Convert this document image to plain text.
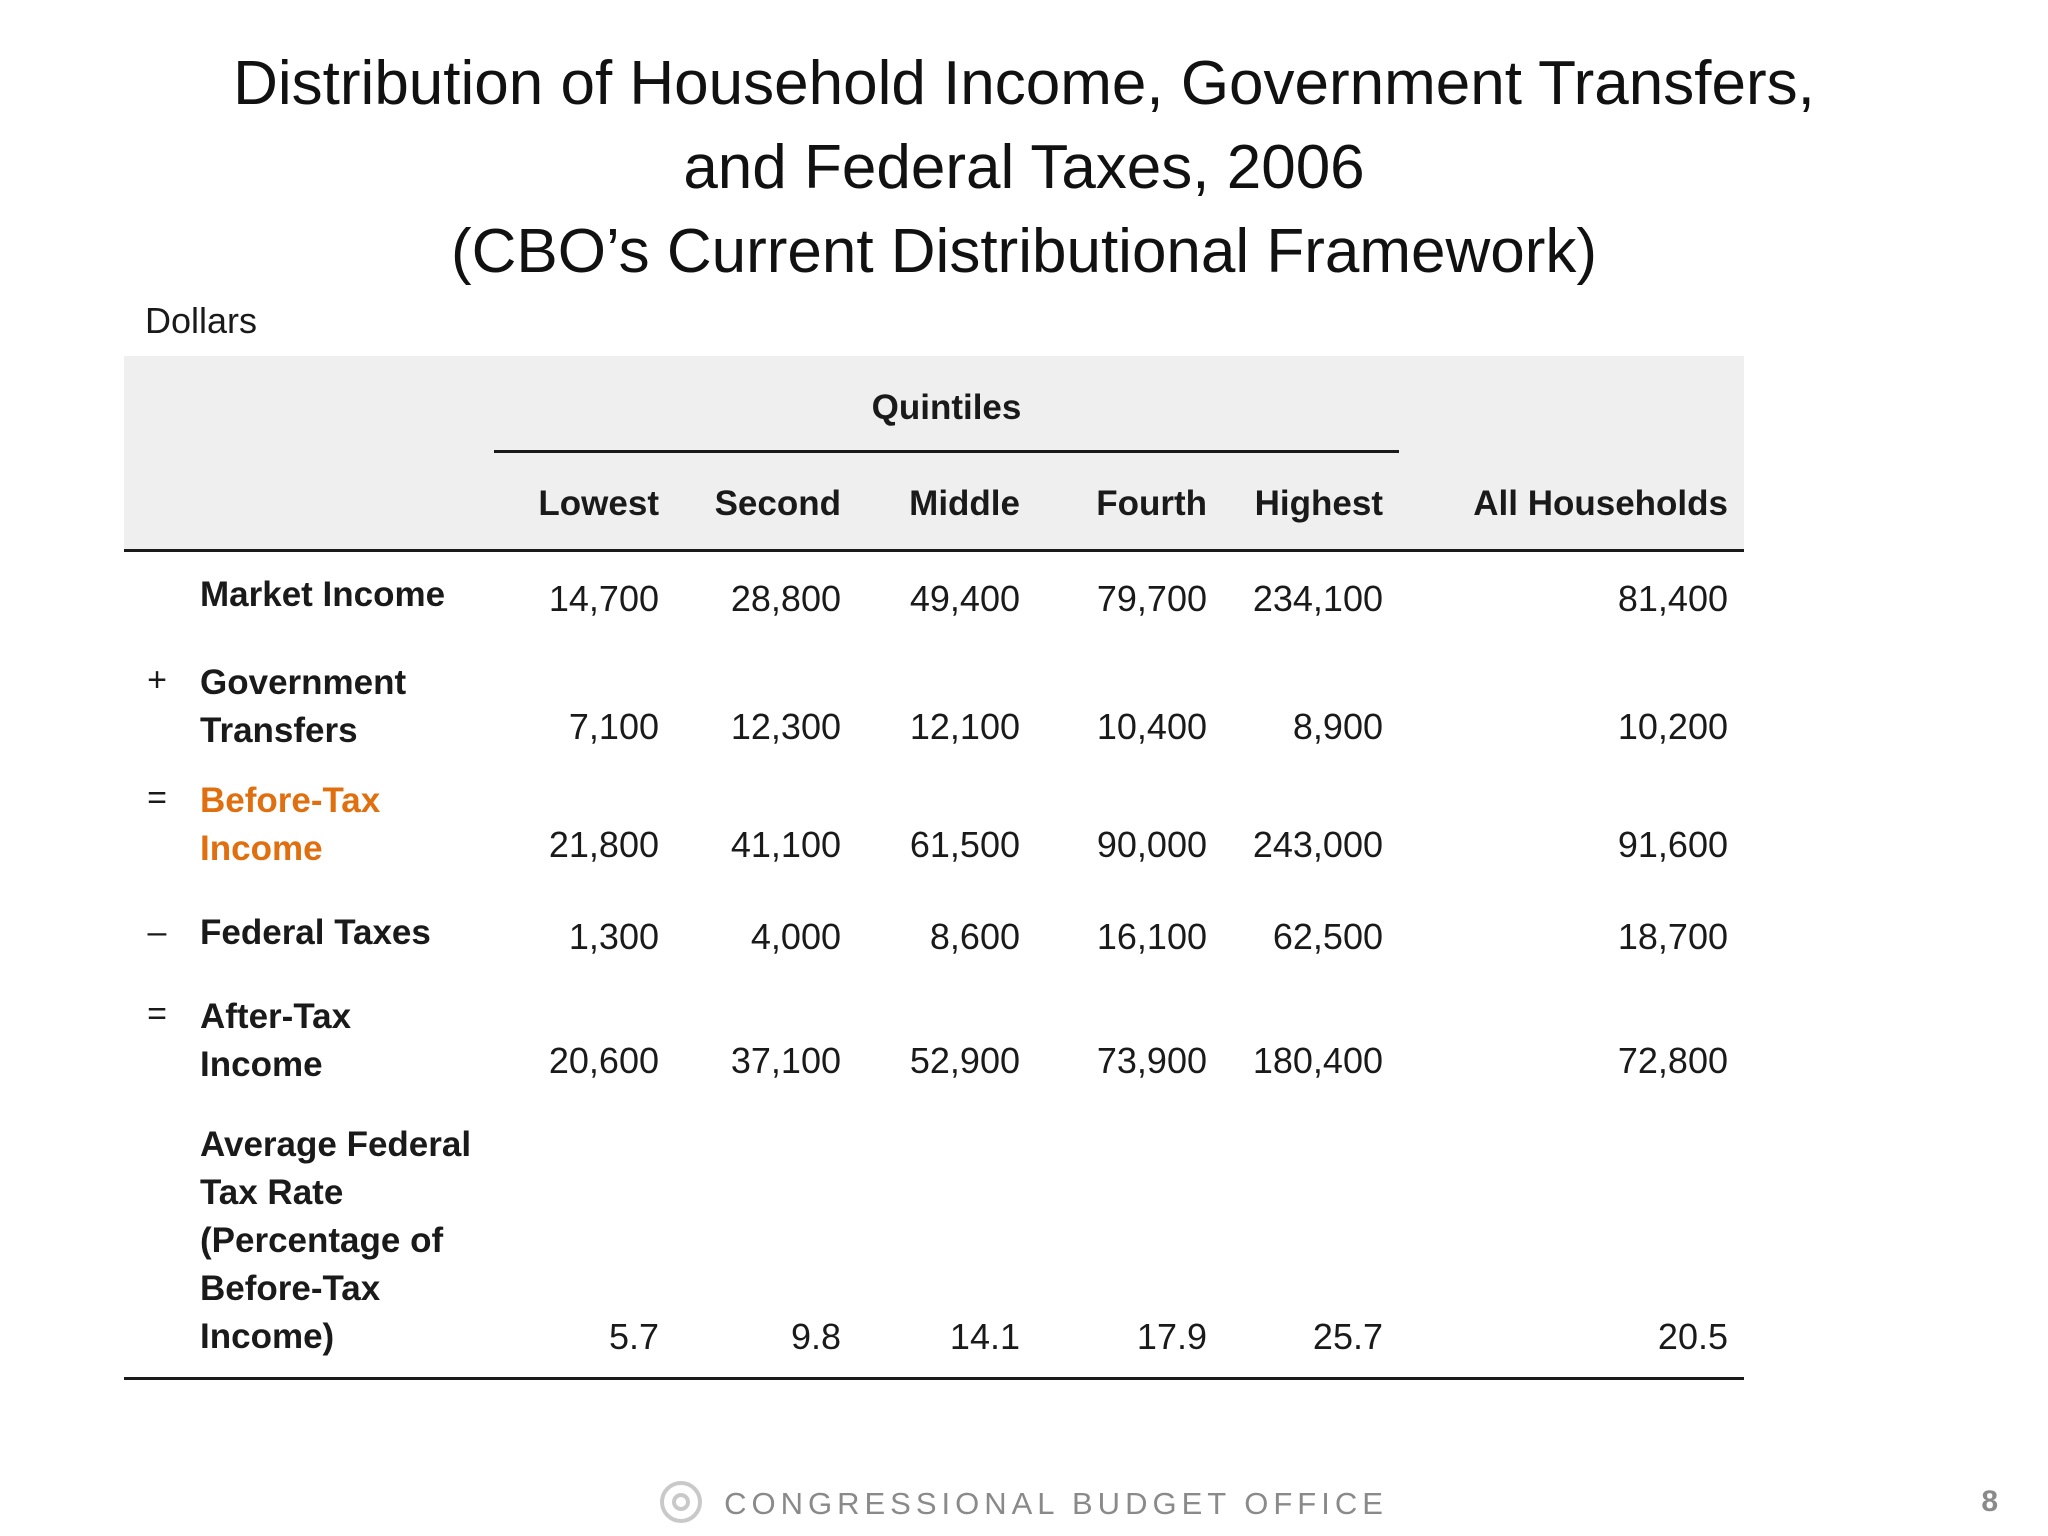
Distribution of Household Income, Government Transfers,
and Federal Taxes, 2006
(CBO’s Current Distributional Framework)
Dollars
Quintiles
Lowest	Second	Middle	Fourth	Highest	All Households
Market Income	14,700	28,800	49,400	79,700	234,100	81,400
+ Government
Transfers	7,100	12,300	12,100	10,400	8,900	10,200
= Before-Tax
Income	21,800	41,100	61,500	90,000	243,000	91,600
– Federal Taxes	1,300	4,000	8,600	16,100	62,500	18,700
= After-Tax
Income	20,600	37,100	52,900	73,900	180,400	72,800
Average Federal
Tax Rate
(Percentage of
Before-Tax
Income)	5.7	9.8	14.1	17.9	25.7	20.5
CONGRESSIONAL BUDGET OFFICE	8
